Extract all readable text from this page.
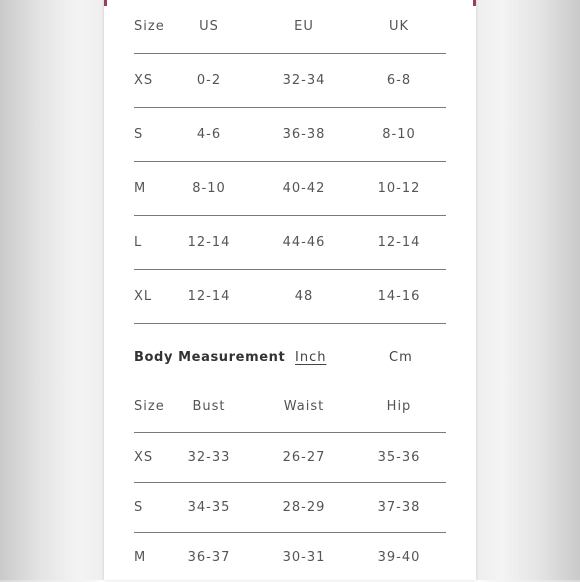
Size	US	EU	UK
XS	0-2	32-34	6-8
S	4-6	36-38	8-10
M	8-10	40-42	10-12
L	12-14	44-46	12-14
XL	12-14	48	14-16
Body Measurement Inch	Cm
Size	Bust	Waist	Hip
XS	32-33	26-27	35-36
S	34-35	28-29	37-38
M	36-37	30-31	39-40
